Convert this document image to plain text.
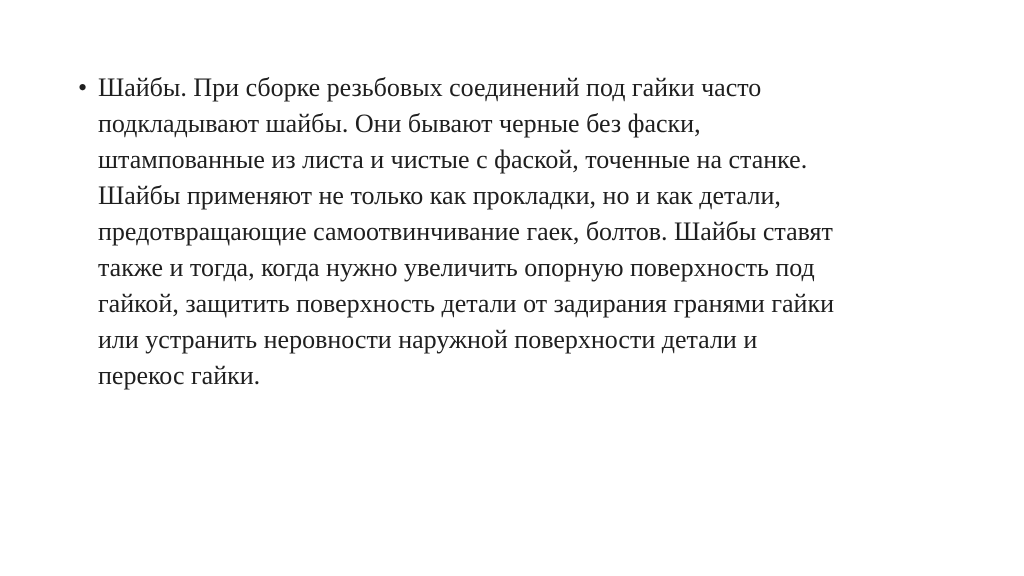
• Шайбы. При сборке резьбовых соединений под гайки часто
подкладывают шайбы. Они бывают черные без фаски,
штампованные из листа и чистые с фаской, точенные на станке.
Шайбы применяют не только как прокладки, но и как детали,
предотвращающие самоотвинчивание гаек, болтов. Шайбы ставят
также и тогда, когда нужно увеличить опорную поверхность под
гайкой, защитить поверхность детали от задирания гранями гайки
или устранить неровности наружной поверхности детали и
перекос гайки.
